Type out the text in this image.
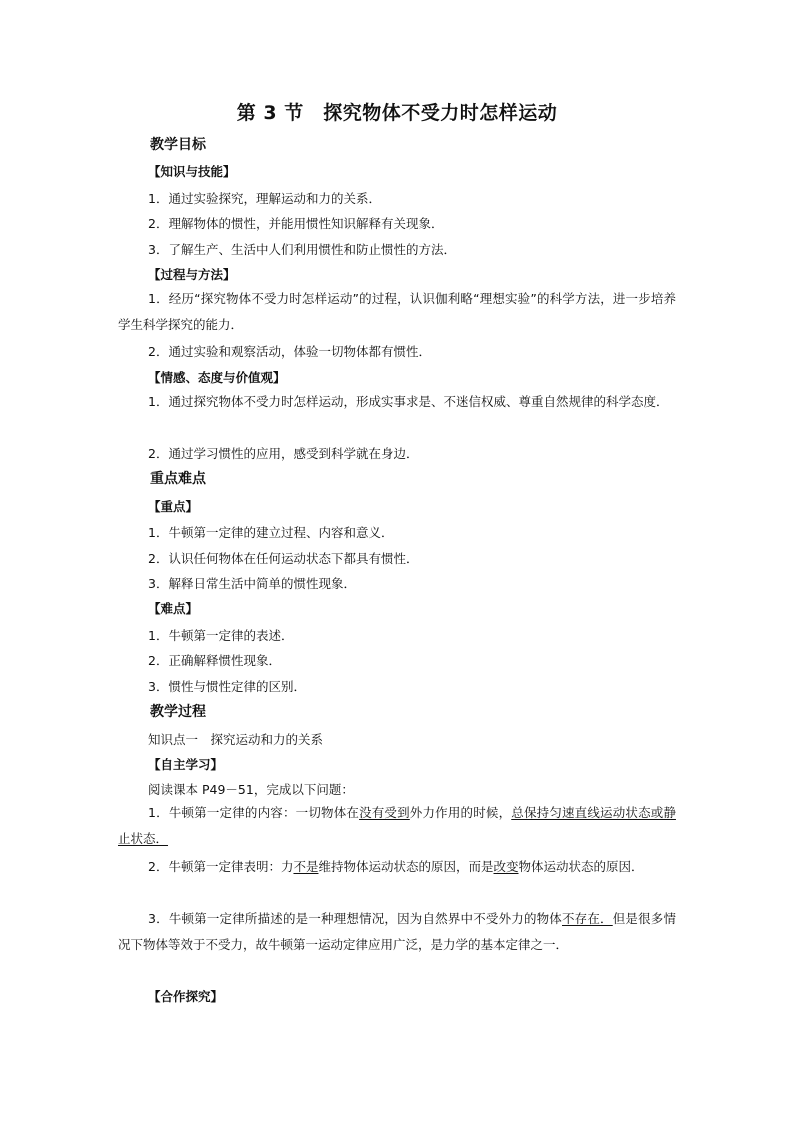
第 3 节　探究物体不受力时怎样运动
教学目标
【知识与技能】
1．通过实验探究，理解运动和力的关系．
2．理解物体的惯性，并能用惯性知识解释有关现象．
3．了解生产、生活中人们利用惯性和防止惯性的方法．
【过程与方法】
1．经历“探究物体不受力时怎样运动”的过程，认识伽利略“理想实验”的科学方法，进一步培养学生科学探究的能力．
2．通过实验和观察活动，体验一切物体都有惯性．
【情感、态度与价值观】
1．通过探究物体不受力时怎样运动，形成实事求是、不迷信权威、尊重自然规律的科学态度．
2．通过学习惯性的应用，感受到科学就在身边．
重点难点
【重点】
1．牛顿第一定律的建立过程、内容和意义．
2．认识任何物体在任何运动状态下都具有惯性．
3．解释日常生活中简单的惯性现象．
【难点】
1．牛顿第一定律的表述．
2．正确解释惯性现象．
3．惯性与惯性定律的区别．
教学过程
知识点一　探究运动和力的关系
【自主学习】
阅读课本 P49－51，完成以下问题：
1．牛顿第一定律的内容：一切物体在没有受到外力作用的时候，总保持匀速直线运动状态或静止状态．
2．牛顿第一定律表明：力不是维持物体运动状态的原因，而是改变物体运动状态的原因．
3．牛顿第一定律所描述的是一种理想情况，因为自然界中不受外力的物体不存在．但是很多情况下物体等效于不受力，故牛顿第一运动定律应用广泛，是力学的基本定律之一．
【合作探究】
